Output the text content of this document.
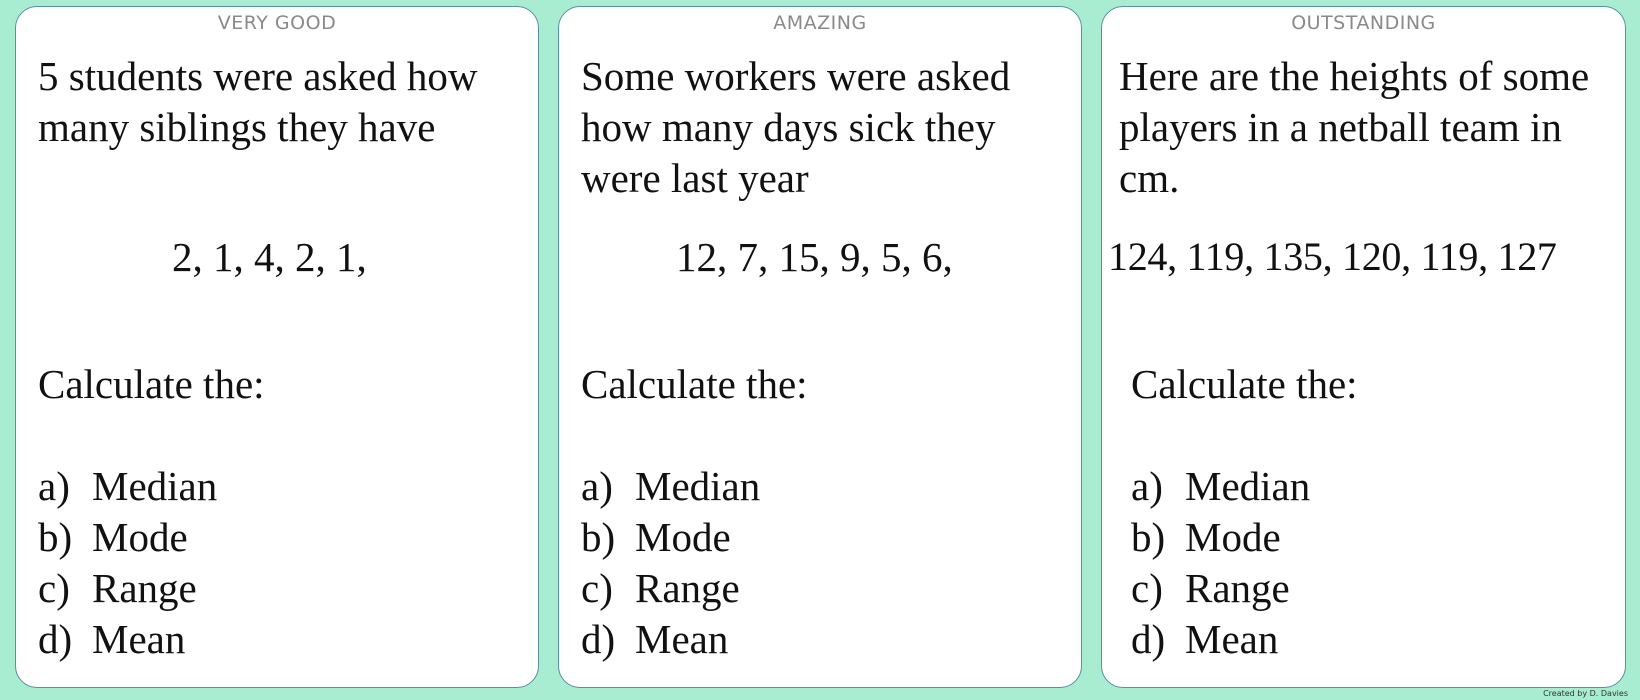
VERY GOOD
5 students were asked how many siblings they have
2, 1, 4, 2, 1,
Calculate the:
a) Median
b) Mode
c) Range
d) Mean
AMAZING
Some workers were asked how many days sick they were last year
12, 7, 15, 9, 5, 6,
Calculate the:
a) Median
b) Mode
c) Range
d) Mean
OUTSTANDING
Here are the heights of some players in a netball team in cm.
124, 119, 135, 120, 119, 127
Calculate the:
a) Median
b) Mode
c) Range
d) Mean
Created by D. Davies
